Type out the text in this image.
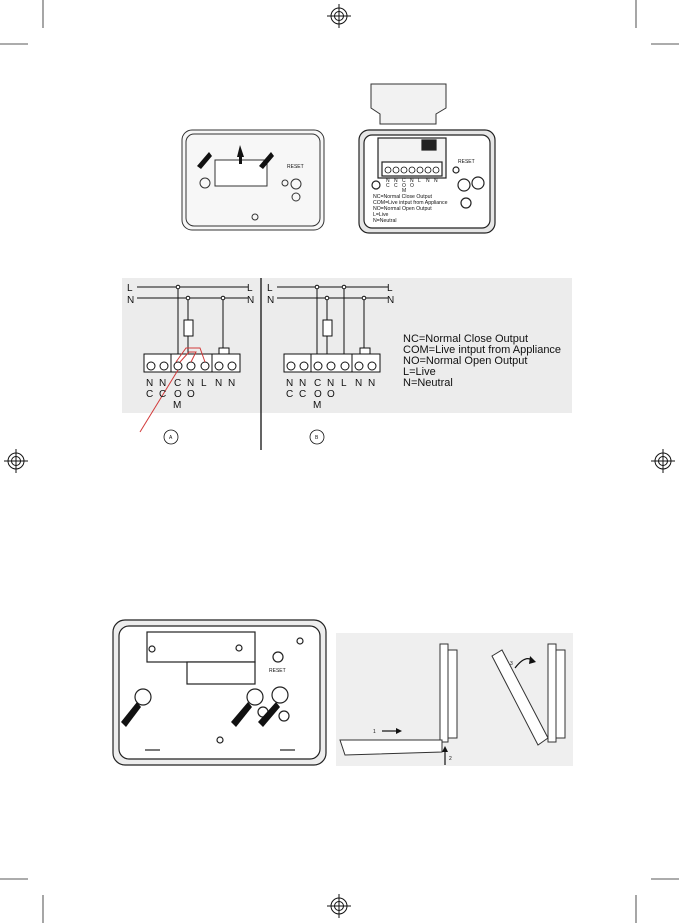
RESET
RESET
N N C N L N N
C C O O
M
NC=Normal Close Output
COM=Live intput from Appliance
NO=Normal Open Output
L=Live
N=Neutral
L	L
N	N
N N C N L N N
C C O O
M
A
L	L
N	N
N N C N L N N
C C O O
M
B
NC=Normal Close Output
COM=Live intput from Appliance
NO=Normal Open Output
L=Live
N=Neutral
RESET
1
2
3
